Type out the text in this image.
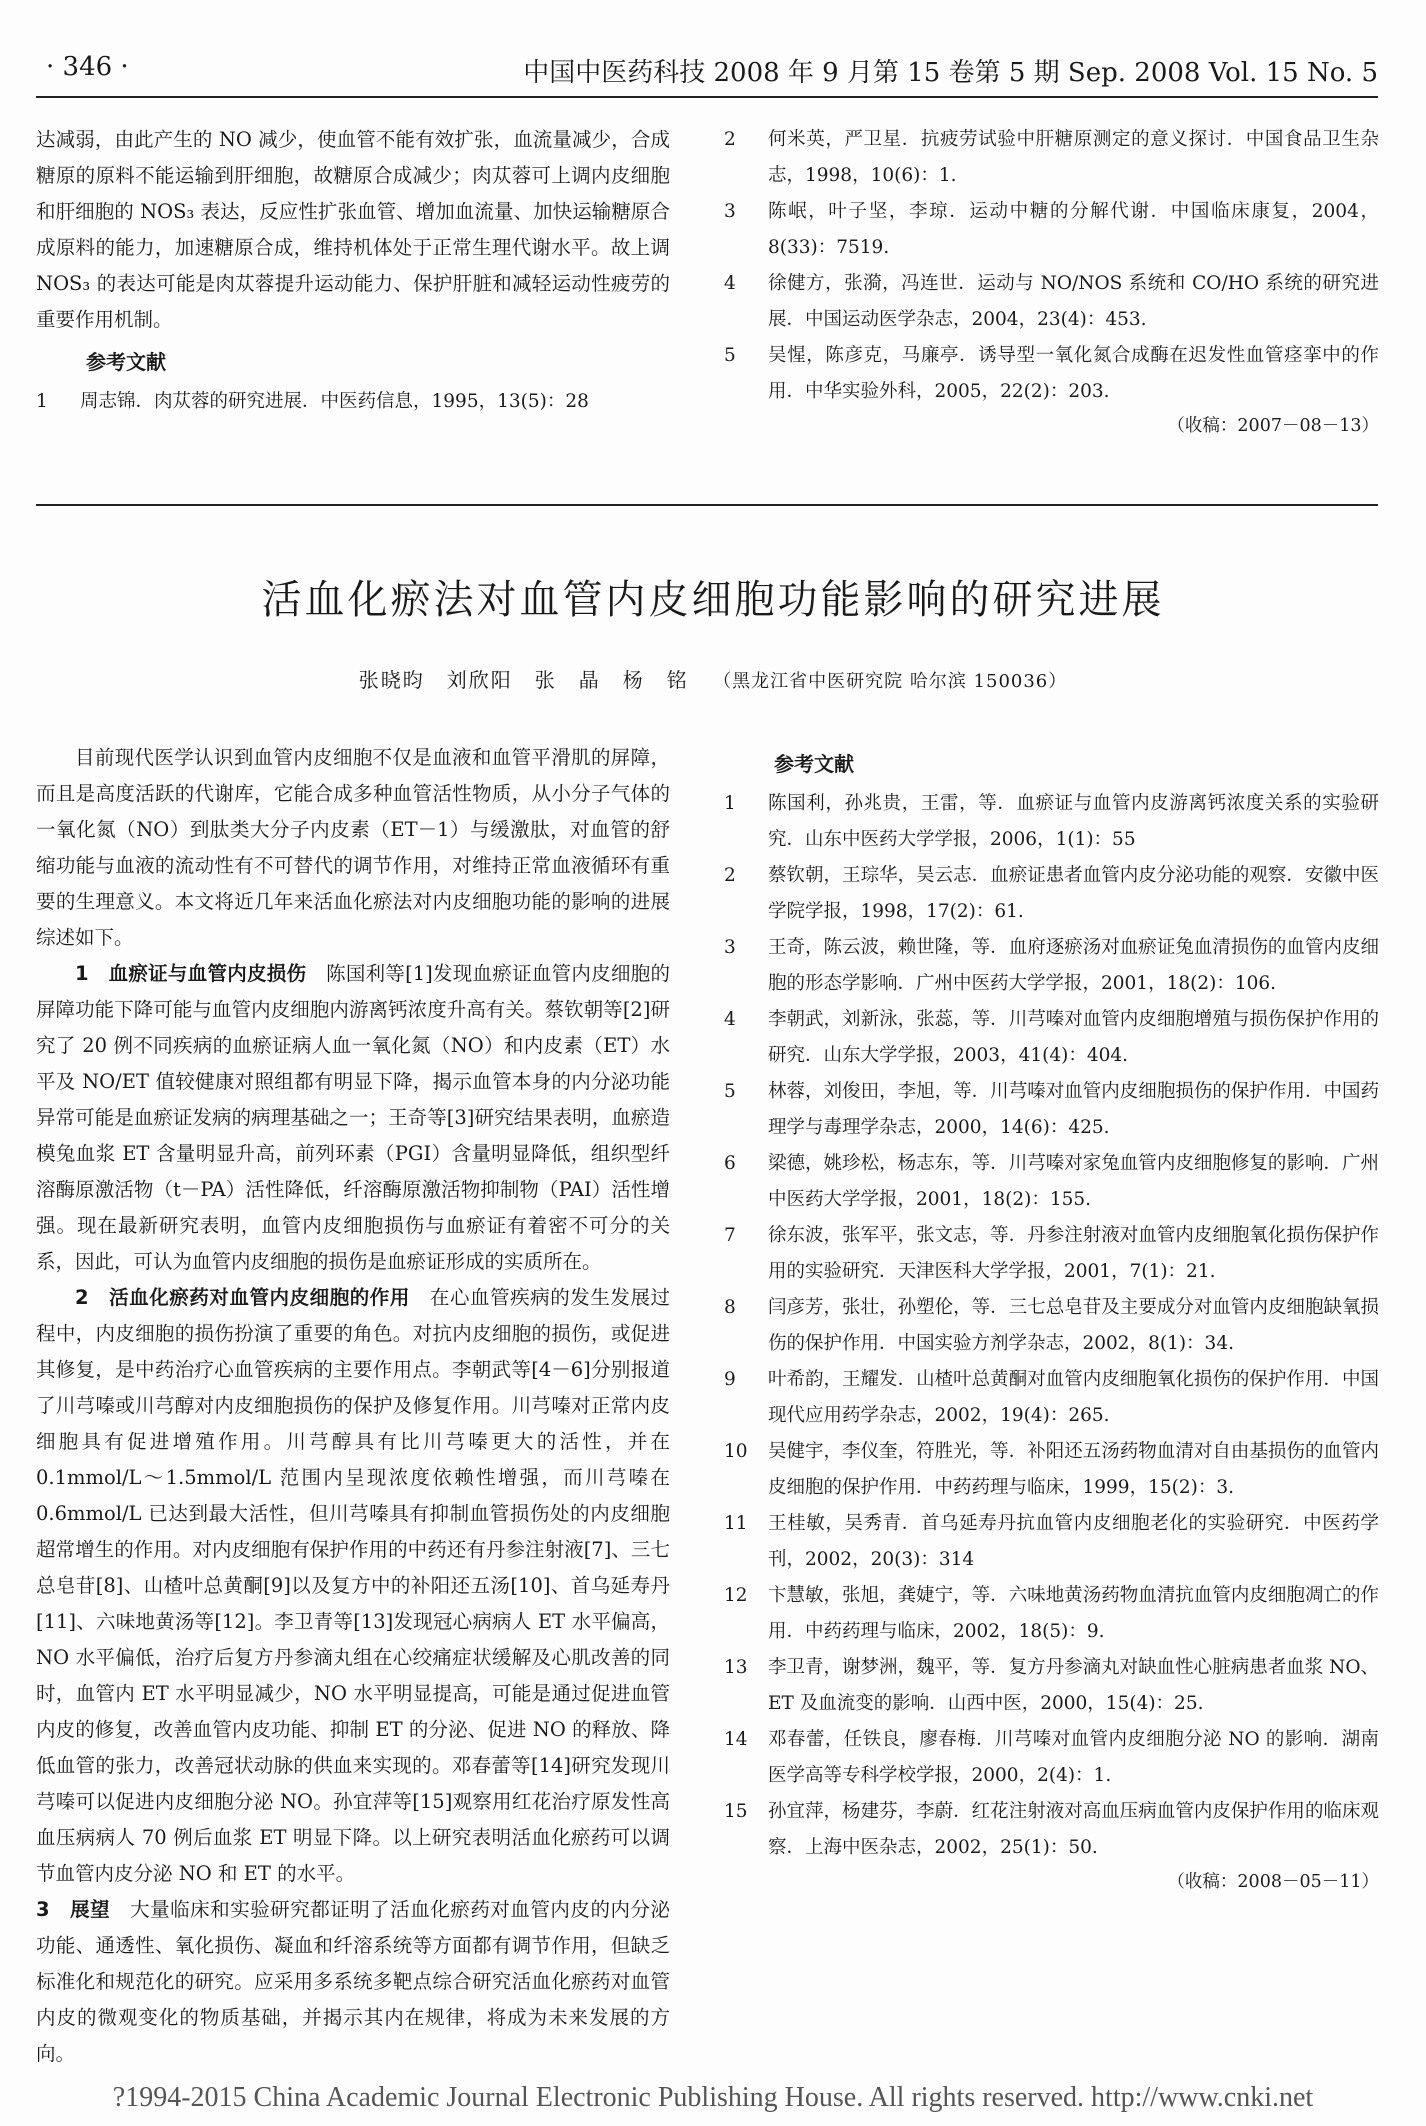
· 346 ·	中国中医药科技 2008 年 9 月第 15 卷第 5 期 Sep. 2008 Vol. 15 No. 5

达减弱，由此产生的 NO 减少，使血管不能有效扩张，血流量减少，合成糖原的原料不能运输到肝细胞，故糖原合成减少；肉苁蓉可上调内皮细胞和肝细胞的 NOS₃ 表达，反应性扩张血管、增加血流量、加快运输糖原合成原料的能力，加速糖原合成，维持机体处于正常生理代谢水平。故上调 NOS₃ 的表达可能是肉苁蓉提升运动能力、保护肝脏和减轻运动性疲劳的重要作用机制。

参考文献

1	周志锦．肉苁蓉的研究进展．中医药信息，1995，13(5)：28

2	何米英，严卫星．抗疲劳试验中肝糖原测定的意义探讨．中国食品卫生杂志，1998，10(6)：1.

3	陈岷，叶子坚，李琼．运动中糖的分解代谢．中国临床康复，2004，8(33)：7519.

4	徐健方，张漪，冯连世．运动与 NO/NOS 系统和 CO/HO 系统的研究进展．中国运动医学杂志，2004，23(4)：453.

5	吴惺，陈彦克，马廉亭．诱导型一氧化氮合成酶在迟发性血管痉挛中的作用．中华实验外科，2005，22(2)：203.

（收稿：2007－08－13）
活血化瘀法对血管内皮细胞功能影响的研究进展
张晓昀　刘欣阳　张　晶　杨　铭 （黑龙江省中医研究院 哈尔滨 150036）

目前现代医学认识到血管内皮细胞不仅是血液和血管平滑肌的屏障，而且是高度活跃的代谢库，它能合成多种血管活性物质，从小分子气体的一氧化氮（NO）到肽类大分子内皮素（ET－1）与缓激肽，对血管的舒缩功能与血液的流动性有不可替代的调节作用，对维持正常血液循环有重要的生理意义。本文将近几年来活血化瘀法对内皮细胞功能的影响的进展综述如下。

1　血瘀证与血管内皮损伤　陈国利等[1]发现血瘀证血管内皮细胞的屏障功能下降可能与血管内皮细胞内游离钙浓度升高有关。蔡钦朝等[2]研究了 20 例不同疾病的血瘀证病人血一氧化氮（NO）和内皮素（ET）水平及 NO/ET 值较健康对照组都有明显下降，揭示血管本身的内分泌功能异常可能是血瘀证发病的病理基础之一；王奇等[3]研究结果表明，血瘀造模兔血浆 ET 含量明显升高，前列环素（PGI）含量明显降低，组织型纤溶酶原激活物（t－PA）活性降低，纤溶酶原激活物抑制物（PAI）活性增强。现在最新研究表明，血管内皮细胞损伤与血瘀证有着密不可分的关系，因此，可认为血管内皮细胞的损伤是血瘀证形成的实质所在。

2　活血化瘀药对血管内皮细胞的作用　在心血管疾病的发生发展过程中，内皮细胞的损伤扮演了重要的角色。对抗内皮细胞的损伤，或促进其修复，是中药治疗心血管疾病的主要作用点。李朝武等[4－6]分别报道了川芎嗪或川芎醇对内皮细胞损伤的保护及修复作用。川芎嗪对正常内皮细胞具有促进增殖作用。川芎醇具有比川芎嗪更大的活性，并在 0.1mmol/L～1.5mmol/L 范围内呈现浓度依赖性增强，而川芎嗪在 0.6mmol/L 已达到最大活性，但川芎嗪具有抑制血管损伤处的内皮细胞超常增生的作用。对内皮细胞有保护作用的中药还有丹参注射液[7]、三七总皂苷[8]、山楂叶总黄酮[9]以及复方中的补阳还五汤[10]、首乌延寿丹[11]、六味地黄汤等[12]。李卫青等[13]发现冠心病病人 ET 水平偏高，NO 水平偏低，治疗后复方丹参滴丸组在心绞痛症状缓解及心肌改善的同时，血管内 ET 水平明显减少，NO 水平明显提高，可能是通过促进血管内皮的修复，改善血管内皮功能、抑制 ET 的分泌、促进 NO 的释放、降低血管的张力，改善冠状动脉的供血来实现的。邓春蕾等[14]研究发现川芎嗪可以促进内皮细胞分泌 NO。孙宜萍等[15]观察用红花治疗原发性高血压病病人 70 例后血浆 ET 明显下降。以上研究表明活血化瘀药可以调节血管内皮分泌 NO 和 ET 的水平。

3　展望　大量临床和实验研究都证明了活血化瘀药对血管内皮的内分泌功能、通透性、氧化损伤、凝血和纤溶系统等方面都有调节作用，但缺乏标准化和规范化的研究。应采用多系统多靶点综合研究活血化瘀药对血管内皮的微观变化的物质基础，并揭示其内在规律，将成为未来发展的方向。

参考文献

1	陈国利，孙兆贵，王雷，等．血瘀证与血管内皮游离钙浓度关系的实验研究．山东中医药大学学报，2006，1(1)：55

2	蔡钦朝，王琮华，吴云志．血瘀证患者血管内皮分泌功能的观察．安徽中医学院学报，1998，17(2)：61.

3	王奇，陈云波，赖世隆，等．血府逐瘀汤对血瘀证兔血清损伤的血管内皮细胞的形态学影响．广州中医药大学学报，2001，18(2)：106.

4	李朝武，刘新泳，张蕊，等．川芎嗪对血管内皮细胞增殖与损伤保护作用的研究．山东大学学报，2003，41(4)：404.

5	林蓉，刘俊田，李旭，等．川芎嗪对血管内皮细胞损伤的保护作用．中国药理学与毒理学杂志，2000，14(6)：425.

6	梁德，姚珍松，杨志东，等．川芎嗪对家兔血管内皮细胞修复的影响．广州中医药大学学报，2001，18(2)：155.

7	徐东波，张军平，张文志，等．丹参注射液对血管内皮细胞氧化损伤保护作用的实验研究．天津医科大学学报，2001，7(1)：21.

8	闫彦芳，张壮，孙塑伦，等．三七总皂苷及主要成分对血管内皮细胞缺氧损伤的保护作用．中国实验方剂学杂志，2002，8(1)：34.

9	叶希韵，王耀发．山楂叶总黄酮对血管内皮细胞氧化损伤的保护作用．中国现代应用药学杂志，2002，19(4)：265.

10	吴健宇，李仪奎，符胜光，等．补阳还五汤药物血清对自由基损伤的血管内皮细胞的保护作用．中药药理与临床，1999，15(2)：3.

11	王桂敏，吴秀青．首乌延寿丹抗血管内皮细胞老化的实验研究．中医药学刊，2002，20(3)：314

12	卞慧敏，张旭，龚婕宁，等．六味地黄汤药物血清抗血管内皮细胞凋亡的作用．中药药理与临床，2002，18(5)：9.

13	李卫青，谢梦洲，魏平，等．复方丹参滴丸对缺血性心脏病患者血浆 NO、ET 及血流变的影响．山西中医，2000，15(4)：25.

14	邓春蕾，任铁良，廖春梅．川芎嗪对血管内皮细胞分泌 NO 的影响．湖南医学高等专科学校学报，2000，2(4)：1.

15	孙宜萍，杨建芬，李蔚．红花注射液对高血压病血管内皮保护作用的临床观察．上海中医杂志，2002，25(1)：50.

（收稿：2008－05－11）
?1994-2015 China Academic Journal Electronic Publishing House. All rights reserved. http://www.cnki.net
